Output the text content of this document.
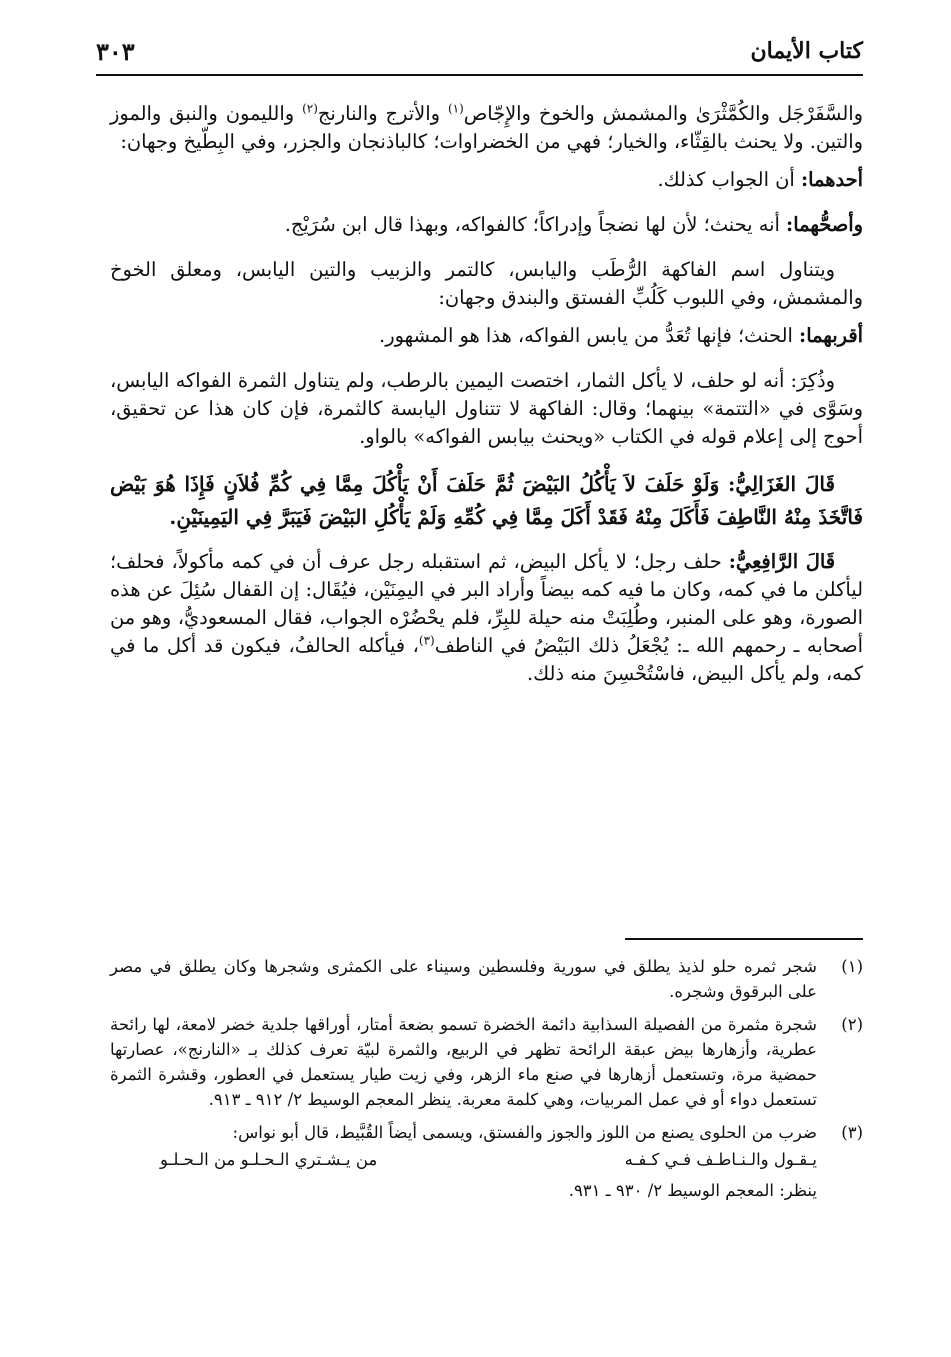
كتاب الأيمان
٣٠٣

والسَّفَرْجَل والكُمَّثْرَىٰ والمشمش والخوخ والإِجّاص$^{(١)}$ والأترج والنارنج$^{(٢)}$ والليمون والنبق والموز والتين. ولا يحنث بالقِثّاء، والخيار؛ فهي من الخضراوات؛ كالباذنجان والجزر، وفي البِطّيخ وجهان:

أحدهما: أن الجواب كذلك.

وأصحُّهما: أنه يحنث؛ لأن لها نضجاً وإدراكاً؛ كالفواكه، وبهذا قال ابن سُرَيْج.

ويتناول اسم الفاكهة الرُّطَب واليابس، كالتمر والزبيب والتين اليابس، ومعلق الخوخ والمشمش، وفي اللبوب كَلُبِّ الفستق والبندق وجهان:

أقربهما: الحنث؛ فإنها تُعَدُّ من يابس الفواكه، هذا هو المشهور.

وذُكِرَ: أنه لو حلف، لا يأكل الثمار، اختصت اليمين بالرطب، ولم يتناول الثمرة الفواكه اليابس، وسَوَّى في «التتمة» بينهما؛ وقال: الفاكهة لا تتناول اليابسة كالثمرة، فإن كان هذا عن تحقيق، أحوج إلى إعلام قوله في الكتاب «ويحنث بيابس الفواكه» بالواو.

قَالَ الغَزَالِيُّ: وَلَوْ حَلَفَ لاَ يَأْكُلُ البَيْضَ ثُمَّ حَلَفَ أَنْ يَأْكُلَ مِمَّا فِي كُمِّ فُلاَنٍ فَإِذَا هُوَ بَيْض فَاتَّخَذَ مِنْهُ النَّاطِفَ فَأَكَلَ مِنْهُ فَقَدْ أَكَلَ مِمَّا فِي كُمِّهِ وَلَمْ يَأْكُلِ البَيْضَ فَيَبَرَّ فِي اليَمِينَيْنِ.

قَالَ الرَّافِعِيُّ: حلف رجل؛ لا يأكل البيض، ثم استقبله رجل عرف أن في كمه مأكولاً، فحلف؛ ليأكلن ما في كمه، وكان ما فيه كمه بيضاً وأراد البر في اليمِنَيْن، فيُقَال: إن القفال سُئِلَ عن هذه الصورة، وهو على المنبر، وطُلِبَتْ منه حيلة للبِرِّ، فلم يحْضُرْه الجواب، فقال المسعوديُّ، وهو من أصحابه ـ رحمهم الله ـ: يُجْعَلُ ذلك البَيْضُ في الناطف$^{(٣)}$، فيأكله الحالفُ، فيكون قد أكل ما في كمه، ولم يأكل البيض، فاسْتُحْسِنَ منه ذلك.

(١)
شجر ثمره حلو لذيذ يطلق في سورية وفلسطين وسيناء على الكمثرى وشجرها وكان يطلق في مصر على البرقوق وشجره.
(٢)
شجرة مثمرة من الفصيلة السذابية دائمة الخضرة تسمو بضعة أمتار، أوراقها جلدية خضر لامعة، لها رائحة عطرية، وأزهارها بيض عبقة الرائحة تظهر في الربيع، والثمرة لبيّة تعرف كذلك بـ «النارنج»، عصارتها حمضية مرة، وتستعمل أزهارها في صنع ماء الزهر، وفي زيت طيار يستعمل في العطور، وقشرة الثمرة تستعمل دواء أو في عمل المربيات، وهي كلمة معربة. ينظر المعجم الوسيط ٢/ ٩١٢ ـ ٩١٣.
(٣)
ضرب من الحلوى يصنع من اللوز والجوز والفستق، ويسمى أيضاً القُبَّيط، قال أبو نواس:
يـقـول والـنـاطـف فـي كـفـه
من يـشـتري الـحـلـو من الـحـلـو
ينظر: المعجم الوسيط ٢/ ٩٣٠ ـ ٩٣١.
